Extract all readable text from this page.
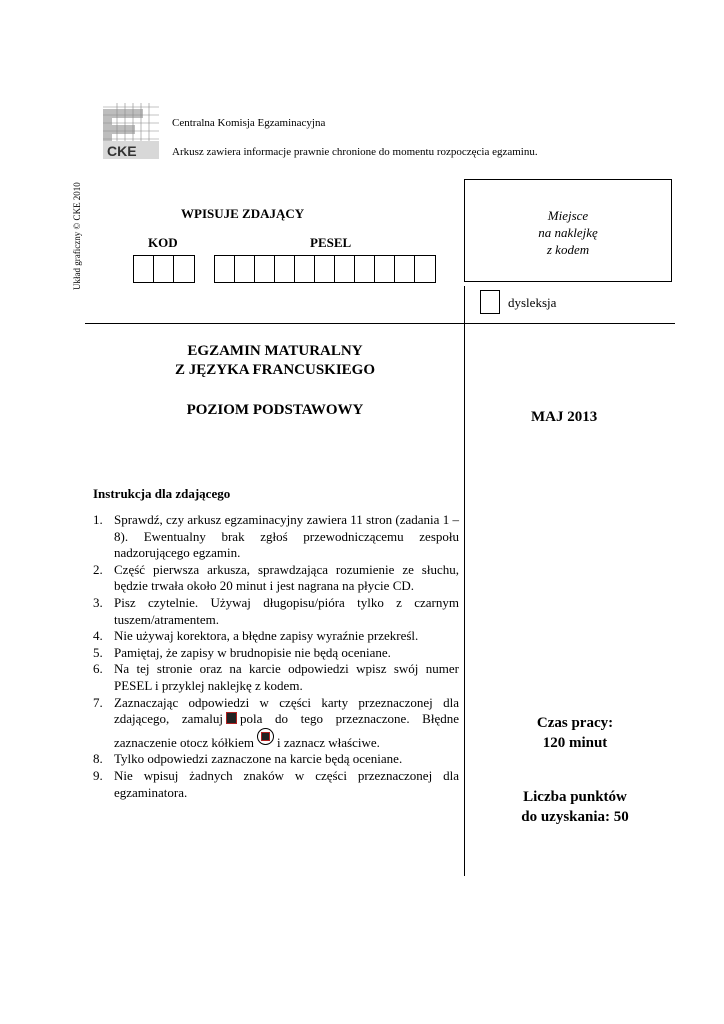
CKE
Centralna Komisja Egzaminacyjna
Arkusz zawiera informacje prawnie chronione do momentu rozpoczęcia egzaminu.
Układ graficzny © CKE 2010	WPISUJE ZDAJĄCY
KOD	PESEL
Miejsce
na naklejkę
z kodem
dysleksja
EGZAMIN MATURALNY
Z JĘZYKA FRANCUSKIEGO
POZIOM PODSTAWOWY	MAJ 2013
Instrukcja dla zdającego
1. Sprawdź, czy arkusz egzaminacyjny zawiera 11 stron (zadania 1 – 8). Ewentualny brak zgłoś przewodniczącemu zespołu nadzorującego egzamin.
2. Część pierwsza arkusza, sprawdzająca rozumienie ze słuchu, będzie trwała około 20 minut i jest nagrana na płycie CD.
3. Pisz czytelnie. Używaj długopisu/pióra tylko z czarnym tuszem/atramentem.
4. Nie używaj korektora, a błędne zapisy wyraźnie przekreśl.
5. Pamiętaj, że zapisy w brudnopisie nie będą oceniane.
6. Na tej stronie oraz na karcie odpowiedzi wpisz swój numer PESEL i przyklej naklejkę z kodem.
7. Zaznaczając odpowiedzi w części karty przeznaczonej dla zdającego, zamaluj pola do tego przeznaczone. Błędne zaznaczenie otocz kółkiem i zaznacz właściwe.
8. Tylko odpowiedzi zaznaczone na karcie będą oceniane.
9. Nie wpisuj żadnych znaków w części przeznaczonej dla egzaminatora.
Czas pracy:
120 minut
Liczba punktów
do uzyskania: 50
